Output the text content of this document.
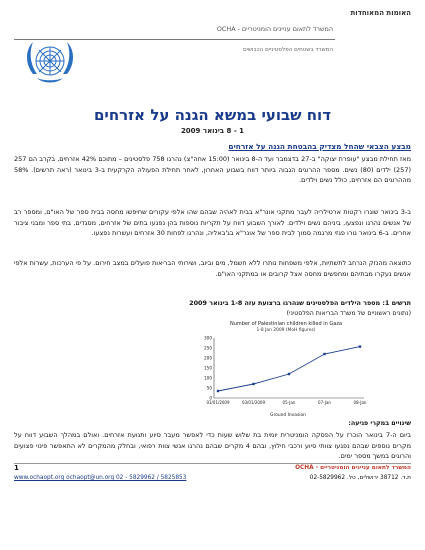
האומות המאוחדות
המשרד לתאום עניינים הומניטריים - OCHA
המשרד בשטחים הפלסטיניים הכבושים
דוח שבועי במשא הגנה על אזרחים
1 - 8 בינואר 2009
מבצע הצבאי שהחל מצדיק בהבטחת הגנה על אזרחים
מאז תחילת מבצע "עופרת יצוקה" ב-27 בדצמבר ועד ה-8 בינואר (15:00 אחה"צ) נהרגו 758 פלסטינים – מתוכם 42% אזרחים, בקרב הם 257 (257) ילדים (80) נשים. מספר ההרוגים הגבוה ביותר דווח בשבוע האחרון, לאחר תחילת הפעולה הקרקעית ב-3 בינואר (ראה תרשים). 58% מההרוגים הם אזרחים, כולל נשים וילדים.
ב-3 בינואר שוגרו רקטות ארטילריה לעבר מתקני אונר"א בבית לאהיה שבהם שהו אלפי עקורים שחיפשו מחסה בבית ספר של האו"ם, ומספר רב של אנשים נהרגו ונפצעו, ביניהם נשים וילדים. לאורך השבוע דווח על תקריות נוספות בהן נפגעו בתים של אזרחים, מסגדים, בתי ספר ומבני ציבור אחרים. ב-6 בינואר נורו פגזי מרגמה סמוך לבית ספר של אונר"א בג'באליה, ונהרגו לפחות 30 אזרחים ועשרות נפצעו.
כתוצאה מהנזק הנרחב לתשתיות, אלפי משפחות נותרו ללא חשמל, מים וביוב, ושירותי הבריאות פועלים במצב חירום. על פי הערכות, עשרות אלפי אנשים נעקרו מבתיהם ומחפשים מחסה אצל קרובים או במתקני האו"ם.
תרשים 1: מספר הילדים הפלסטינים שנהרגו ברצועת עזה 1-8 בינואר 2009
(נתונים ראשוניים של משרד הבריאות הפלסטיני)
Number of Palestinian children killed in Gaza
1-8 Jan 2009 (MoH figures)
0
50
100
150
200
250
300
01/01/2009	03/01/2009	05-Jan	07-Jan	08-Jan
Ground Invasion
שינויים במקרי פגיעה:
ביום ה-7 בינואר הוכרז על הפסקה הומניטרית יומית בת שלוש שעות כדי לאפשר מעבר סיוע ותנועת אזרחים. ואולם במהלך השבוע דווח על מקרים נוספים שבהם נפגעו צוותי סיוע ורכבי חילוץ, ובהם 4 מקרים שבהם נהרגו אנשי צוות רפואי, ובחלק מהמקרים לא התאפשר פינוי פצועים והרוגים במשך מספר ימים.
1	המשרד לתאום עניינים הומניטריים - OCHA
www.ochaopt.org ochaopt@un.org 02 - 5829962 / 5825853	ת.ד. 38712 ירושלים, טל. 02-5829962
